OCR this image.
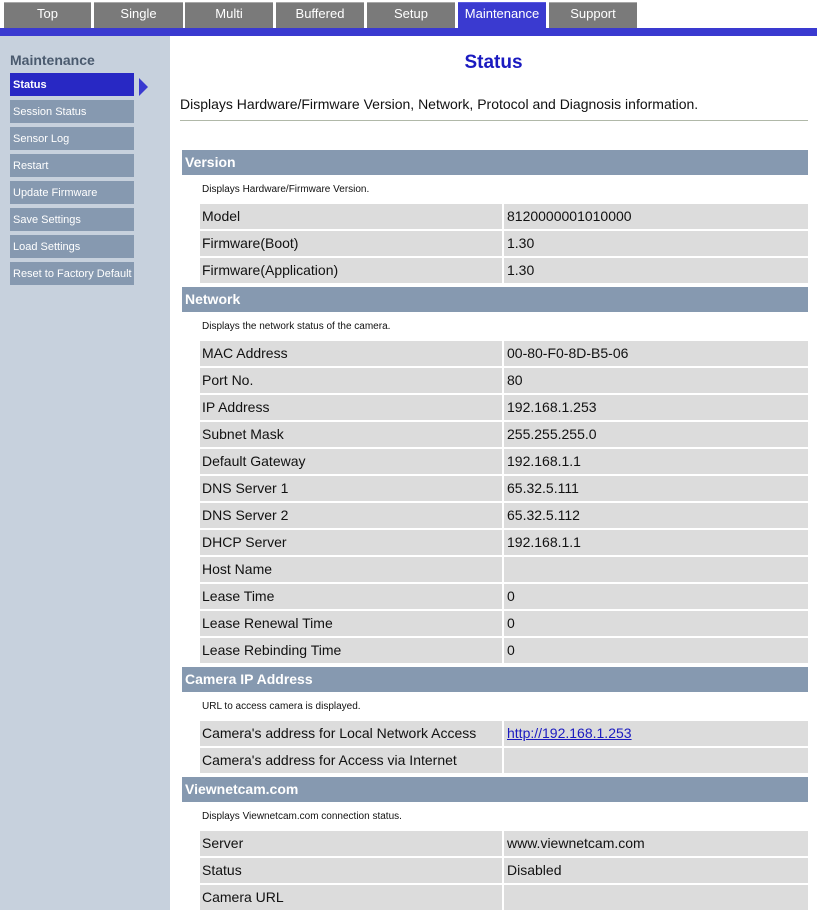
Top	Single	Multi	Buffered	Setup	Maintenance	Support
Maintenance
Status
Session Status
Sensor Log
Restart
Update Firmware
Save Settings
Load Settings
Reset to Factory Default
Status
Displays Hardware/Firmware Version, Network, Protocol and Diagnosis information.
Version
Displays Hardware/Firmware Version.
Model	8120000001010000
Firmware(Boot)	1.30
Firmware(Application)	1.30
Network
Displays the network status of the camera.
MAC Address	00-80-F0-8D-B5-06
Port No.	80
IP Address	192.168.1.253
Subnet Mask	255.255.255.0
Default Gateway	192.168.1.1
DNS Server 1	65.32.5.111
DNS Server 2	65.32.5.112
DHCP Server	192.168.1.1
Host Name
Lease Time	0
Lease Renewal Time	0
Lease Rebinding Time	0
Camera IP Address
URL to access camera is displayed.
Camera's address for Local Network Access	http://192.168.1.253
Camera's address for Access via Internet
Viewnetcam.com
Displays Viewnetcam.com connection status.
Server	www.viewnetcam.com
Status	Disabled
Camera URL
